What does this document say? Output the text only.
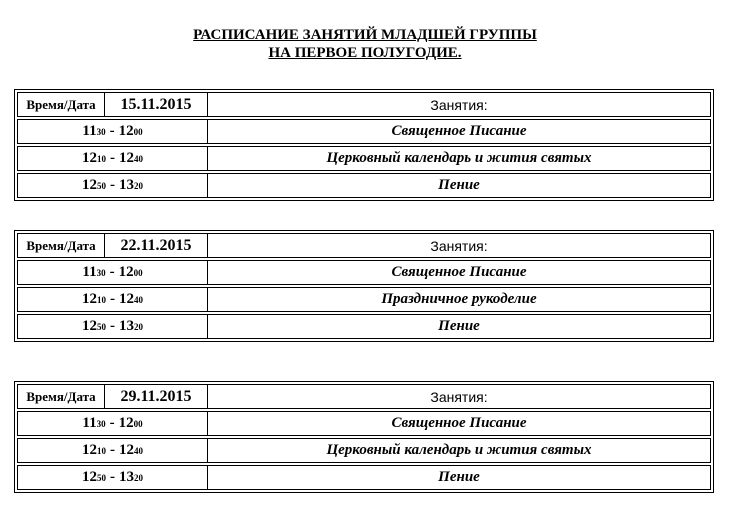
РАСПИСАНИЕ ЗАНЯТИЙ МЛАДШЕЙ ГРУППЫ
НА ПЕРВОЕ ПОЛУГОДИЕ.
Время/Дата	15.11.2015	Занятия:
11 30 - 12 00	Священное Писание
12 10 - 12 40	Церковный календарь и жития святых
12 50 - 13 20	Пение
Время/Дата	22.11.2015	Занятия:
11 30 - 12 00	Священное Писание
12 10 - 12 40	Праздничное рукоделие
12 50 - 13 20	Пение
Время/Дата	29.11.2015	Занятия:
11 30 - 12 00	Священное Писание
12 10 - 12 40	Церковный календарь и жития святых
12 50 - 13 20	Пение
